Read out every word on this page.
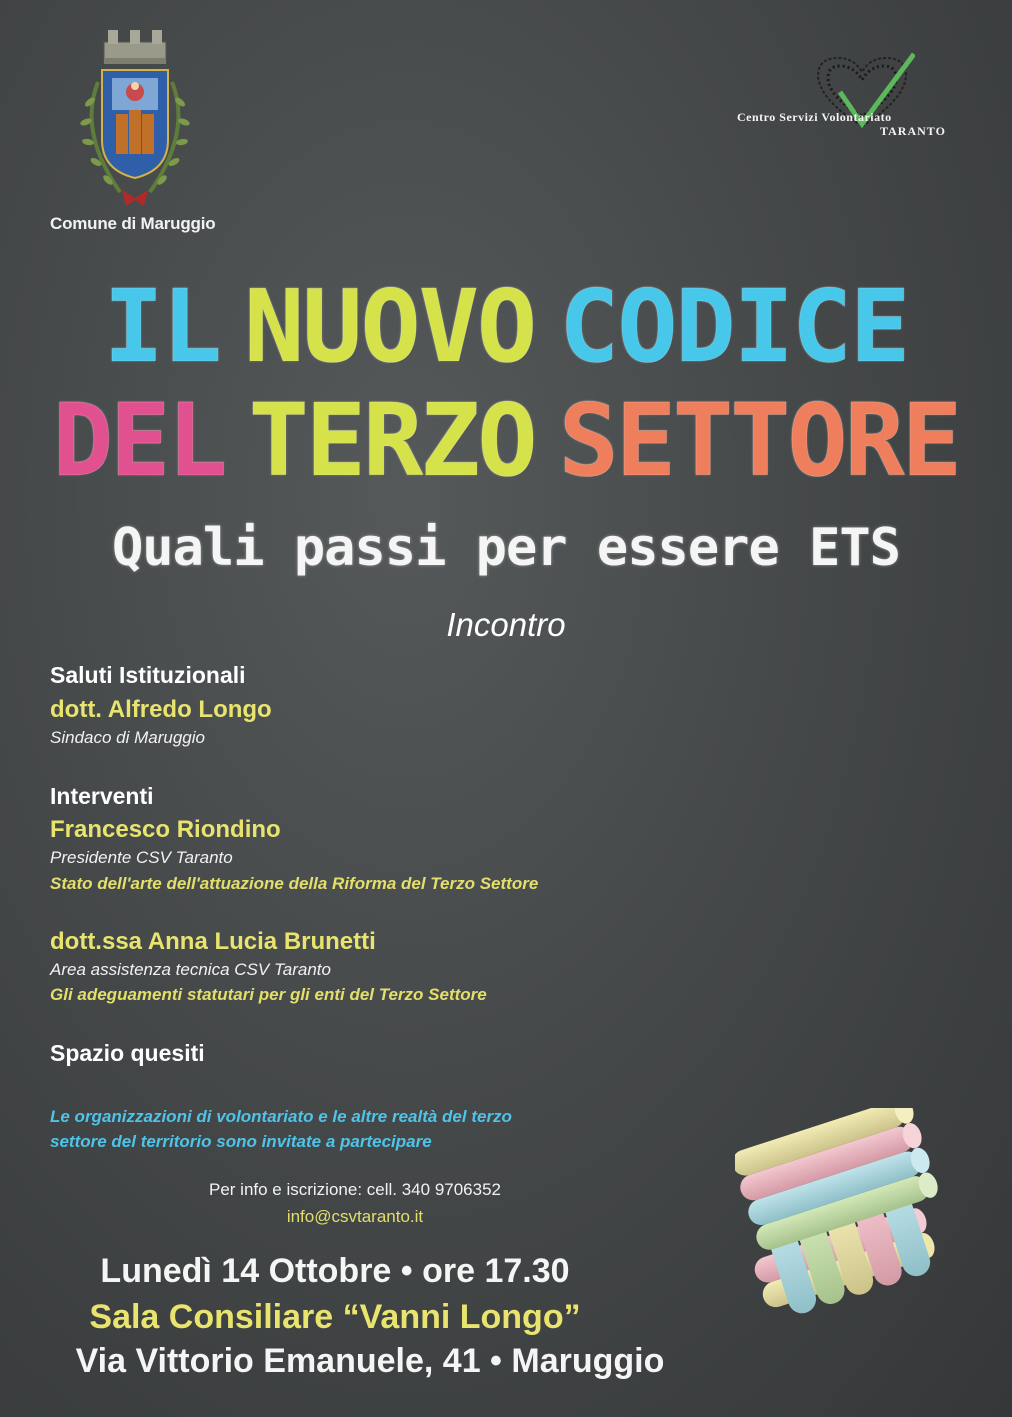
Comune di Maruggio
Centro Servizi Volontariato
TARANTO
IL NUOVO CODICE
DEL TERZO SETTORE
Quali passi per essere ETS
Incontro
Saluti Istituzionali
dott. Alfredo Longo
Sindaco di Maruggio
Interventi
Francesco Riondino
Presidente CSV Taranto
Stato dell'arte dell'attuazione della Riforma del Terzo Settore
dott.ssa Anna Lucia Brunetti
Area assistenza tecnica CSV Taranto
Gli adeguamenti statutari per gli enti del Terzo Settore
Spazio quesiti
Le organizzazioni di volontariato e le altre realtà del terzo
settore del territorio sono invitate a partecipare
Per info e iscrizione: cell. 340 9706352
info@csvtaranto.it
Lunedì 14 Ottobre • ore 17.30
Sala Consiliare “Vanni Longo”
Via Vittorio Emanuele, 41 • Maruggio
